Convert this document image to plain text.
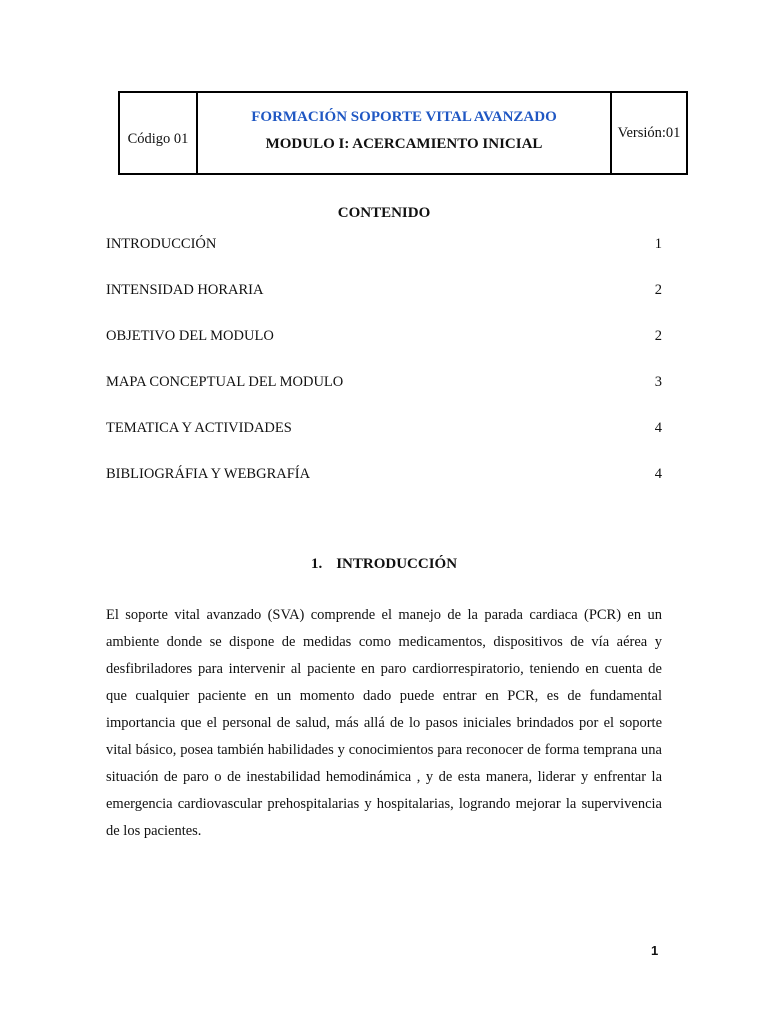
Código 01
FORMACIÓN SOPORTE VITAL AVANZADO
MODULO I: ACERCAMIENTO INICIAL
Versión:01
CONTENIDO
INTRODUCCIÓN	1
INTENSIDAD HORARIA	2
OBJETIVO DEL MODULO	2
MAPA CONCEPTUAL DEL MODULO	3
TEMATICA Y ACTIVIDADES	4
BIBLIOGRÁFIA Y WEBGRAFÍA	4
1. INTRODUCCIÓN

El soporte vital avanzado (SVA) comprende el manejo de la parada cardiaca (PCR) en un ambiente donde se dispone de medidas como medicamentos, dispositivos de vía aérea y desfibriladores para intervenir al paciente en paro cardiorrespiratorio, teniendo en cuenta de que cualquier paciente en un momento dado puede entrar en PCR, es de fundamental importancia que el personal de salud, más allá de lo pasos iniciales brindados por el soporte vital básico, posea también habilidades y conocimientos para reconocer de forma temprana una situación de paro o de inestabilidad hemodinámica , y de esta manera, liderar y enfrentar la emergencia cardiovascular prehospitalarias y hospitalarias, logrando mejorar la supervivencia de los pacientes.

1
